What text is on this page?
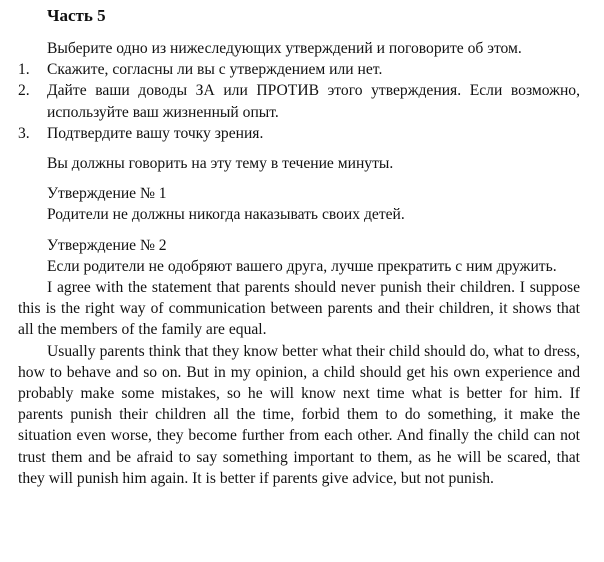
Часть 5

Выберите одно из нижеследующих утверждений и поговорите об этом.

1. Скажите, согласны ли вы с утверждением или нет.
2. Дайте ваши доводы ЗА или ПРОТИВ этого утверждения. Если возможно, используйте ваш жизненный опыт.
3. Подтвердите вашу точку зрения.

Вы должны говорить на эту тему в течение минуты.

Утверждение № 1

Родители не должны никогда наказывать своих детей.

Утверждение № 2

Если родители не одобряют вашего друга, лучше прекратить с ним дружить.

I agree with the statement that parents should never punish their children. I suppose this is the right way of communication between parents and their children, it shows that all the members of the family are equal.

Usually parents think that they know better what their child should do, what to dress, how to behave and so on. But in my opinion, a child should get his own experience and probably make some mistakes, so he will know next time what is better for him. If parents punish their children all the time, forbid them to do something, it make the situation even worse, they become further from each other. And finally the child can not trust them and be afraid to say something important to them, as he will be scared, that they will punish him again. It is better if parents give advice, but not punish.
